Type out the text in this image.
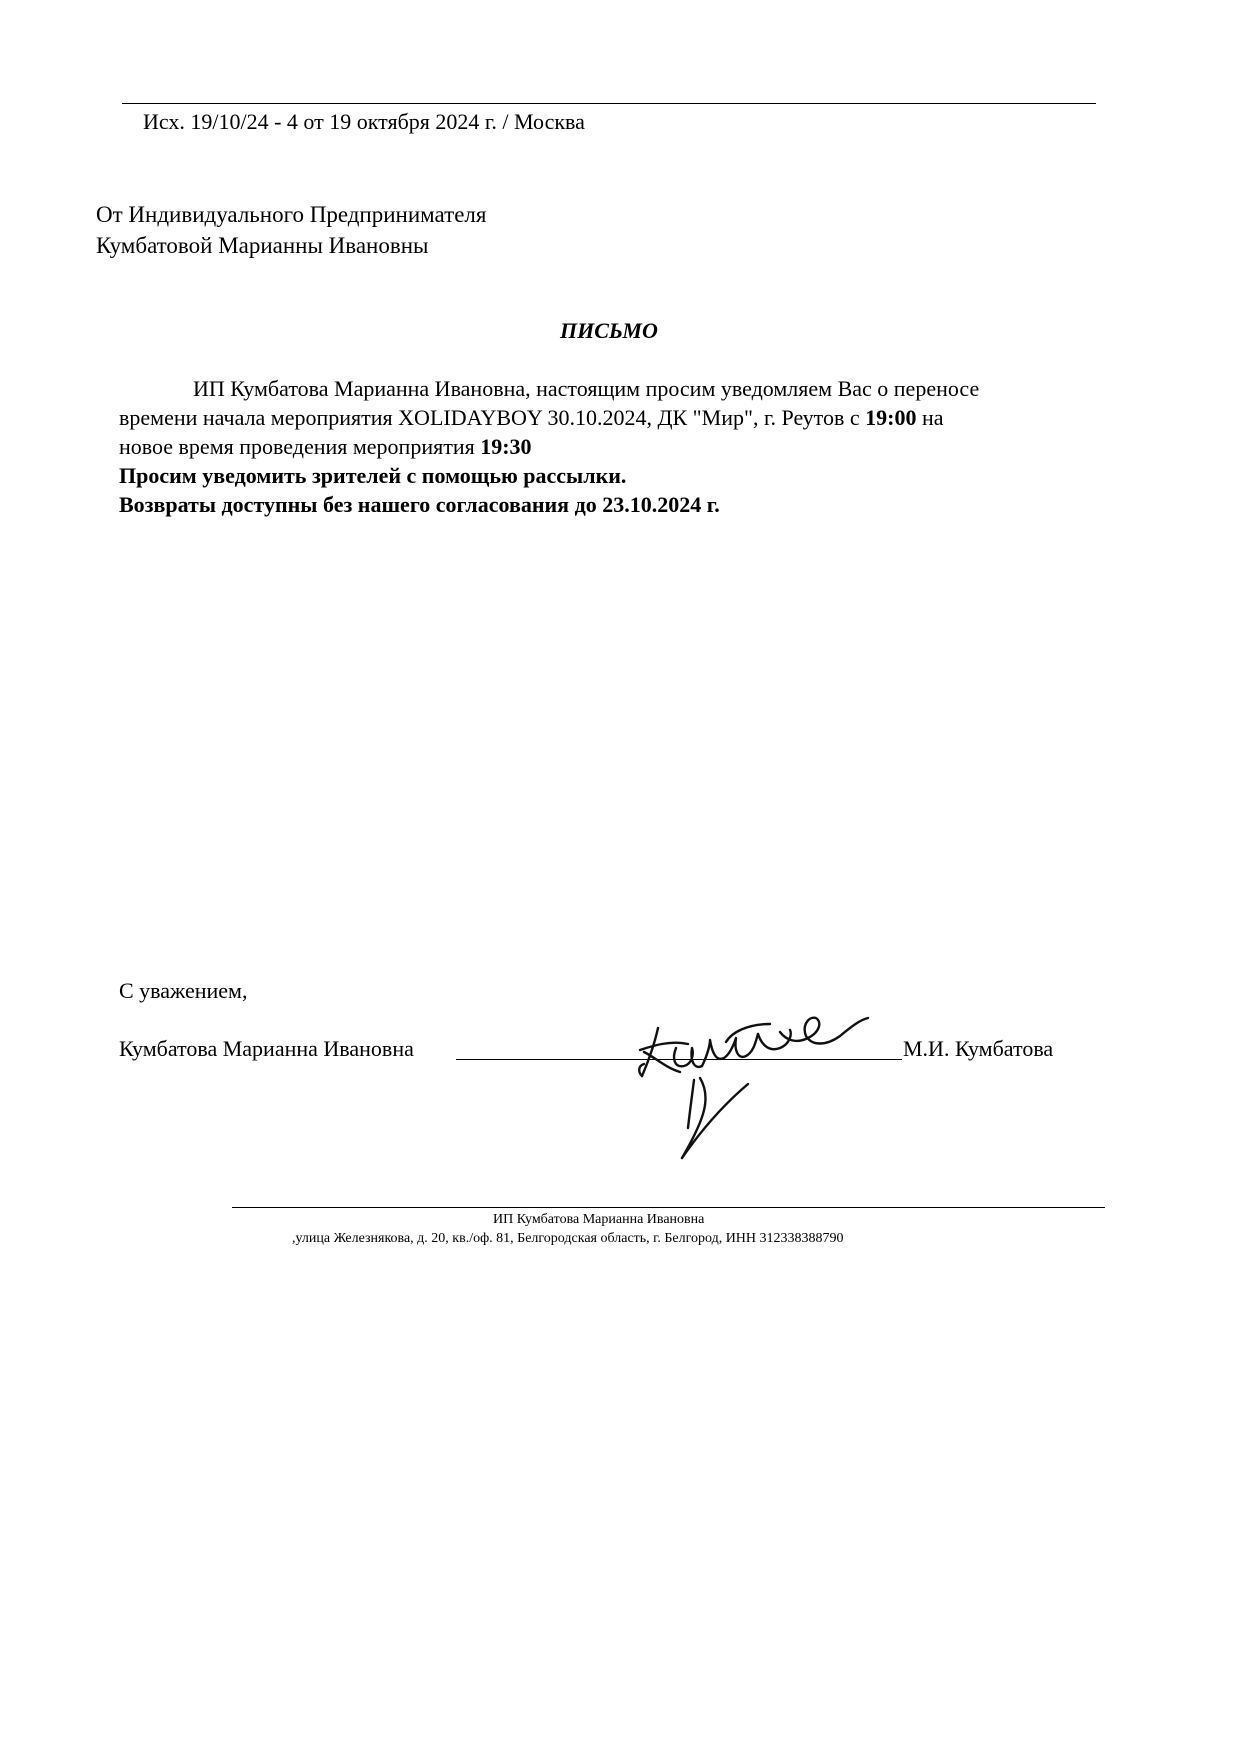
Исх. 19/10/24 - 4 от 19 октября 2024 г. / Москва
От Индивидуального Предпринимателя
Кумбатовой Марианны Ивановны
ПИСЬМО

ИП Кумбатова Марианна Ивановна, настоящим просим уведомляем Вас о переносе

времени начала мероприятия XOLIDAYBOY 30.10.2024, ДК "Мир", г. Реутов с 19:00 на

новое время проведения мероприятия 19:30

Просим уведомить зрителей с помощью рассылки.

Возвраты доступны без нашего согласования до 23.10.2024 г.

С уважением,
Кумбатова Марианна Ивановна	М.И. Кумбатова
ИП Кумбатова Марианна Ивановна
,улица Железнякова, д. 20, кв./оф. 81, Белгородская область, г. Белгород, ИНН 312338388790
